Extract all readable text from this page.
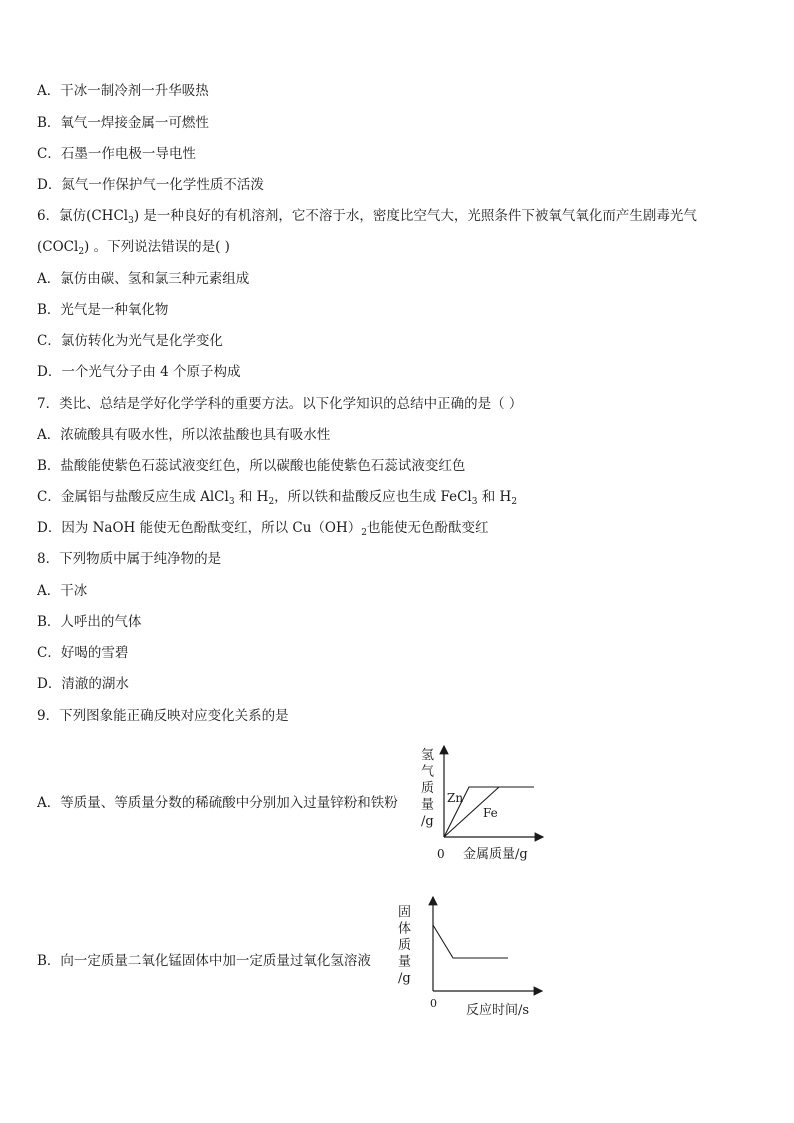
A．干冰一制冷剂一升华吸热
B．氧气一焊接金属一可燃性
C．石墨一作电极一导电性
D．氮气一作保护气一化学性质不活泼
6．氯仿(CHCl$_3$) 是一种良好的有机溶剂，它不溶于水，密度比空气大，光照条件下被氧气氧化而产生剧毒光气
(COCl$_2$) 。下列说法错误的是( )
A．氯仿由碳、氢和氯三种元素组成
B．光气是一种氧化物
C．氯仿转化为光气是化学变化
D．一个光气分子由 4 个原子构成
7．类比、总结是学好化学学科的重要方法。以下化学知识的总结中正确的是（ ）
A．浓硫酸具有吸水性，所以浓盐酸也具有吸水性
B．盐酸能使紫色石蕊试液变红色，所以碳酸也能使紫色石蕊试液变红色
C．金属铝与盐酸反应生成 AlCl$_3$ 和 $H_2$，所以铁和盐酸反应也生成 FeCl$_3$ 和 $H_2$
D．因为 NaOH 能使无色酚酞变红，所以 $Cu(OH)_2$也能使无色酚酞变红
8．下列物质中属于纯净物的是
A．干冰
B．人呼出的气体
C．好喝的雪碧
D．清澈的湖水
9．下列图象能正确反映对应变化关系的是
A．等质量、等质量分数的稀硫酸中分别加入过量锌粉和铁粉
B．向一定质量二氧化锰固体中加一定质量过氧化氢溶液
氢
气
质
量
/g
0 金属质量/g
Zn
Fe
固
体
质
量
/g
0 反应时间/s
